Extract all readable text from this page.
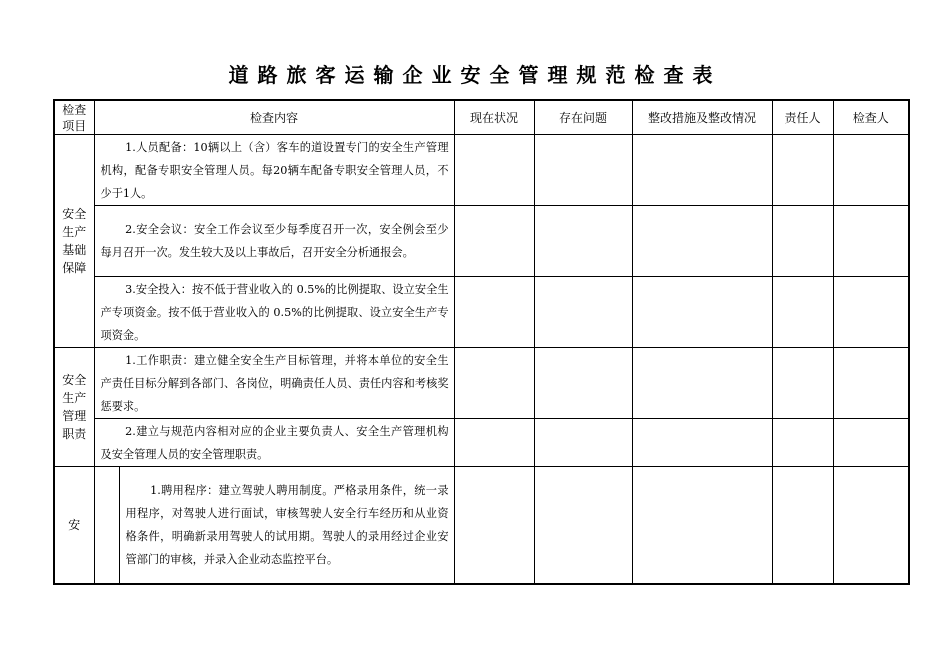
道路旅客运输企业安全管理规范检查表
检查项目	检查内容		现在状况	存在问题	整改措施及整改情况	责任人	检查人

安全生产基础保障	1.人员配备：10辆以上（含）客车的道设置专门的安全生产管理机构，配备专职安全管理人员。每20辆车配备专职安全管理人员，不少于1人。						
	2.安全会议：安全工作会议至少每季度召开一次，安全例会至少每月召开一次。发生较大及以上事故后，召开安全分析通报会。						
	3.安全投入：按不低于营业收入的 0.5%的比例提取、设立安全生产专项资金。按不低于营业收入的 0.5%的比例提取、设立安全生产专项资金。						

安全生产管理职责	1.工作职责：建立健全安全生产目标管理，并将本单位的安全生产责任目标分解到各部门、各岗位，明确责任人员、责任内容和考核奖惩要求。						
	2.建立与规范内容相对应的企业主要负责人、安全生产管理机构及安全管理人员的安全管理职责。						

安		1.聘用程序：建立驾驶人聘用制度。严格录用条件，统一录用程序，对驾驶人进行面试，审核驾驶人安全行车经历和从业资格条件，明确新录用驾驶人的试用期。驾驶人的录用经过企业安管部门的审核，并录入企业动态监控平台。					
